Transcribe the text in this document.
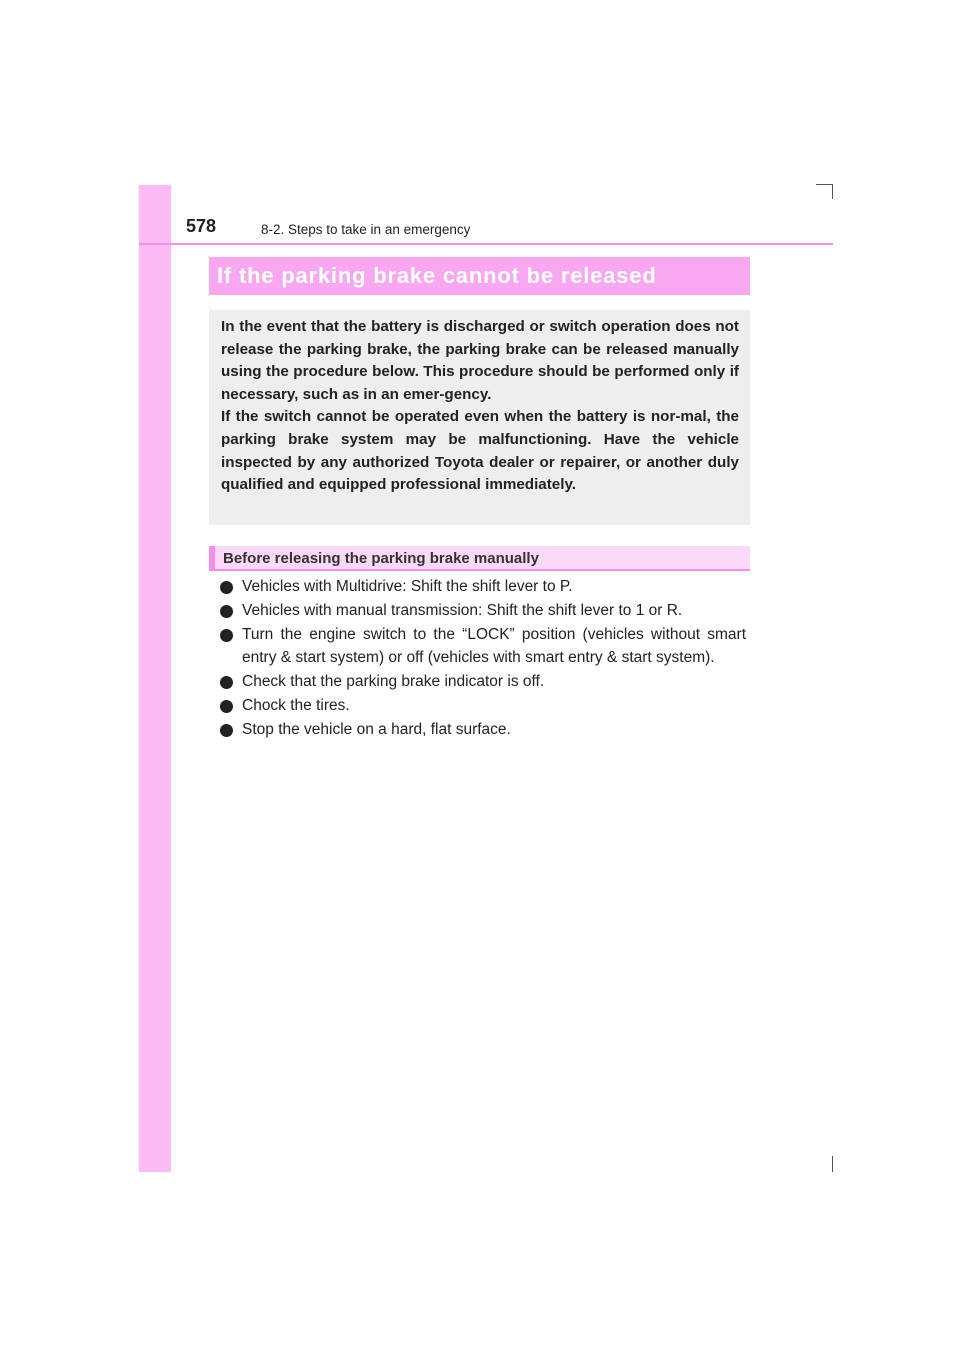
578	8-2. Steps to take in an emergency
If the parking brake cannot be released

In the event that the battery is discharged or switch operation does not release the parking brake, the parking brake can be released manually using the procedure below. This procedure should be performed only if necessary, such as in an emer-gency.

If the switch cannot be operated even when the battery is nor-mal, the parking brake system may be malfunctioning. Have the vehicle inspected by any authorized Toyota dealer or repairer, or another duly qualified and equipped professional immediately.

Before releasing the parking brake manually
Vehicles with Multidrive: Shift the shift lever to P.
Vehicles with manual transmission: Shift the shift lever to 1 or R.
Turn the engine switch to the “LOCK” position (vehicles without smart entry & start system) or off (vehicles with smart entry & start system).
Check that the parking brake indicator is off.
Chock the tires.
Stop the vehicle on a hard, flat surface.
